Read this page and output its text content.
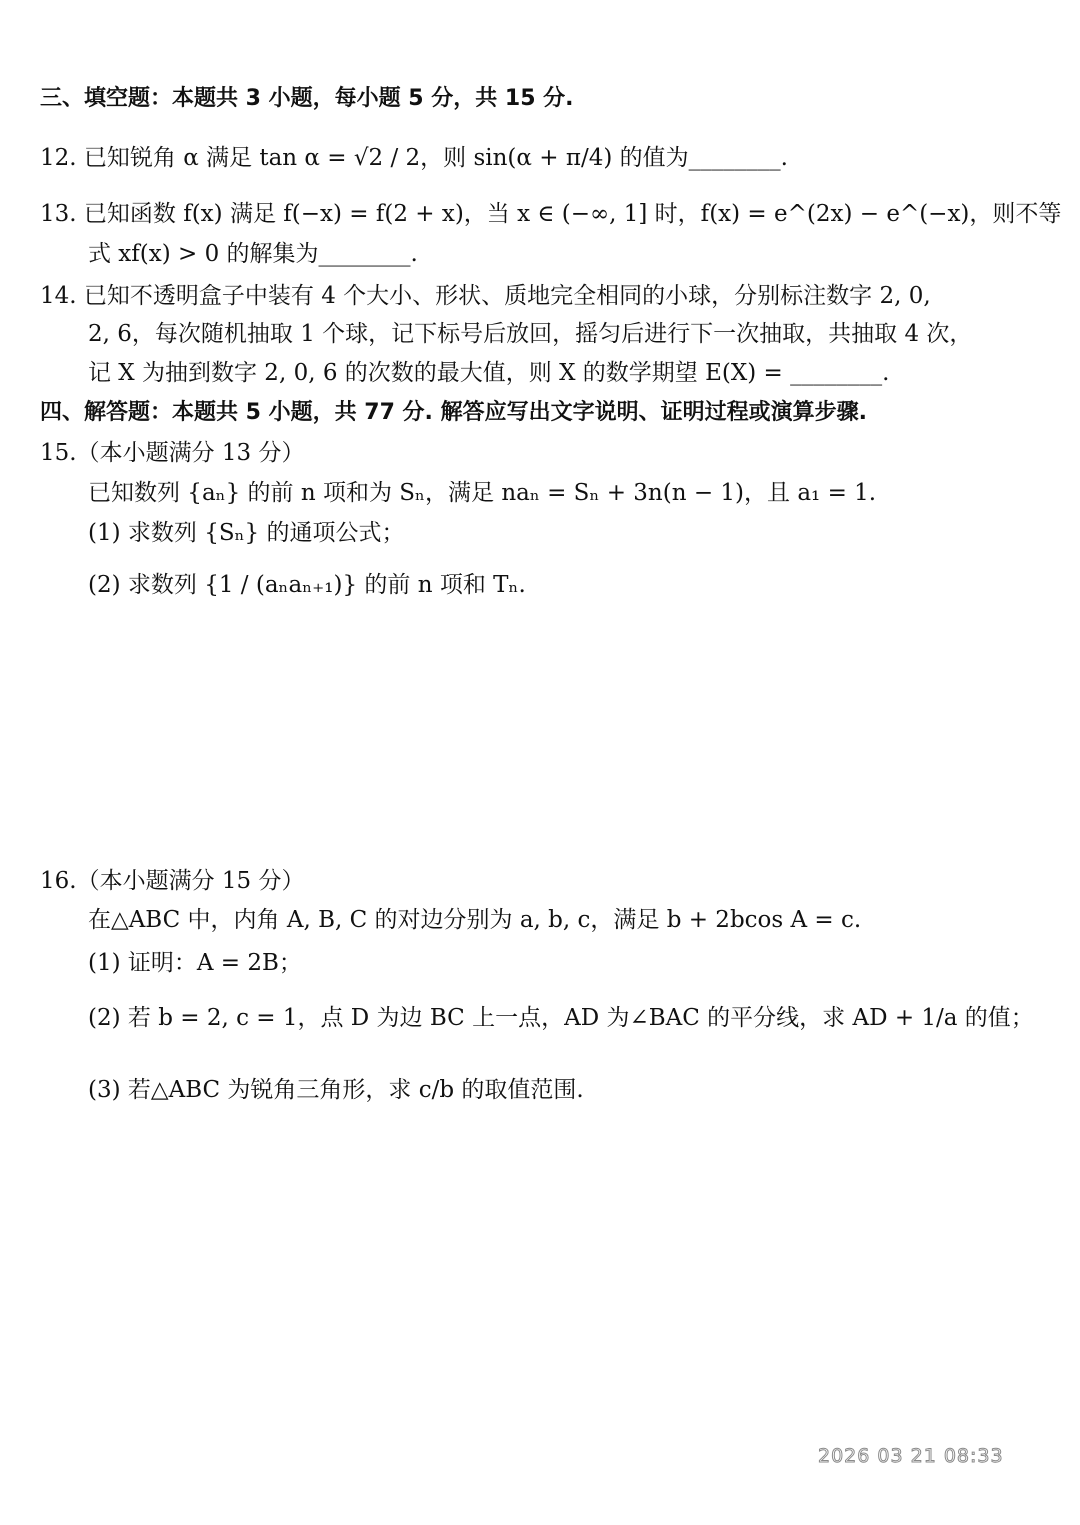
三、填空题：本题共 3 小题，每小题 5 分，共 15 分.
12. 已知锐角 α 满足 tan α = √2 / 2，则 sin(α + π/4) 的值为________.
13. 已知函数 f(x) 满足 f(−x) = f(2 + x)，当 x ∈ (−∞, 1] 时，f(x) = e^(2x) − e^(−x)，则不等
式 xf(x) > 0 的解集为________.
14. 已知不透明盒子中装有 4 个大小、形状、质地完全相同的小球，分别标注数字 2, 0,
2, 6，每次随机抽取 1 个球，记下标号后放回，摇匀后进行下一次抽取，共抽取 4 次，
记 X 为抽到数字 2, 0, 6 的次数的最大值，则 X 的数学期望 E(X) = ________.
四、解答题：本题共 5 小题，共 77 分. 解答应写出文字说明、证明过程或演算步骤.
15.（本小题满分 13 分）
已知数列 {aₙ} 的前 n 项和为 Sₙ，满足 naₙ = Sₙ + 3n(n − 1)，且 a₁ = 1.
(1) 求数列 {Sₙ} 的通项公式；
(2) 求数列 {1 / (aₙaₙ₊₁)} 的前 n 项和 Tₙ.
16.（本小题满分 15 分）
在△ABC 中，内角 A, B, C 的对边分别为 a, b, c，满足 b + 2bcos A = c.
(1) 证明：A = 2B；
(2) 若 b = 2, c = 1，点 D 为边 BC 上一点，AD 为∠BAC 的平分线，求 AD + 1/a 的值；
(3) 若△ABC 为锐角三角形，求 c/b 的取值范围.
2026 03 21 08:33
